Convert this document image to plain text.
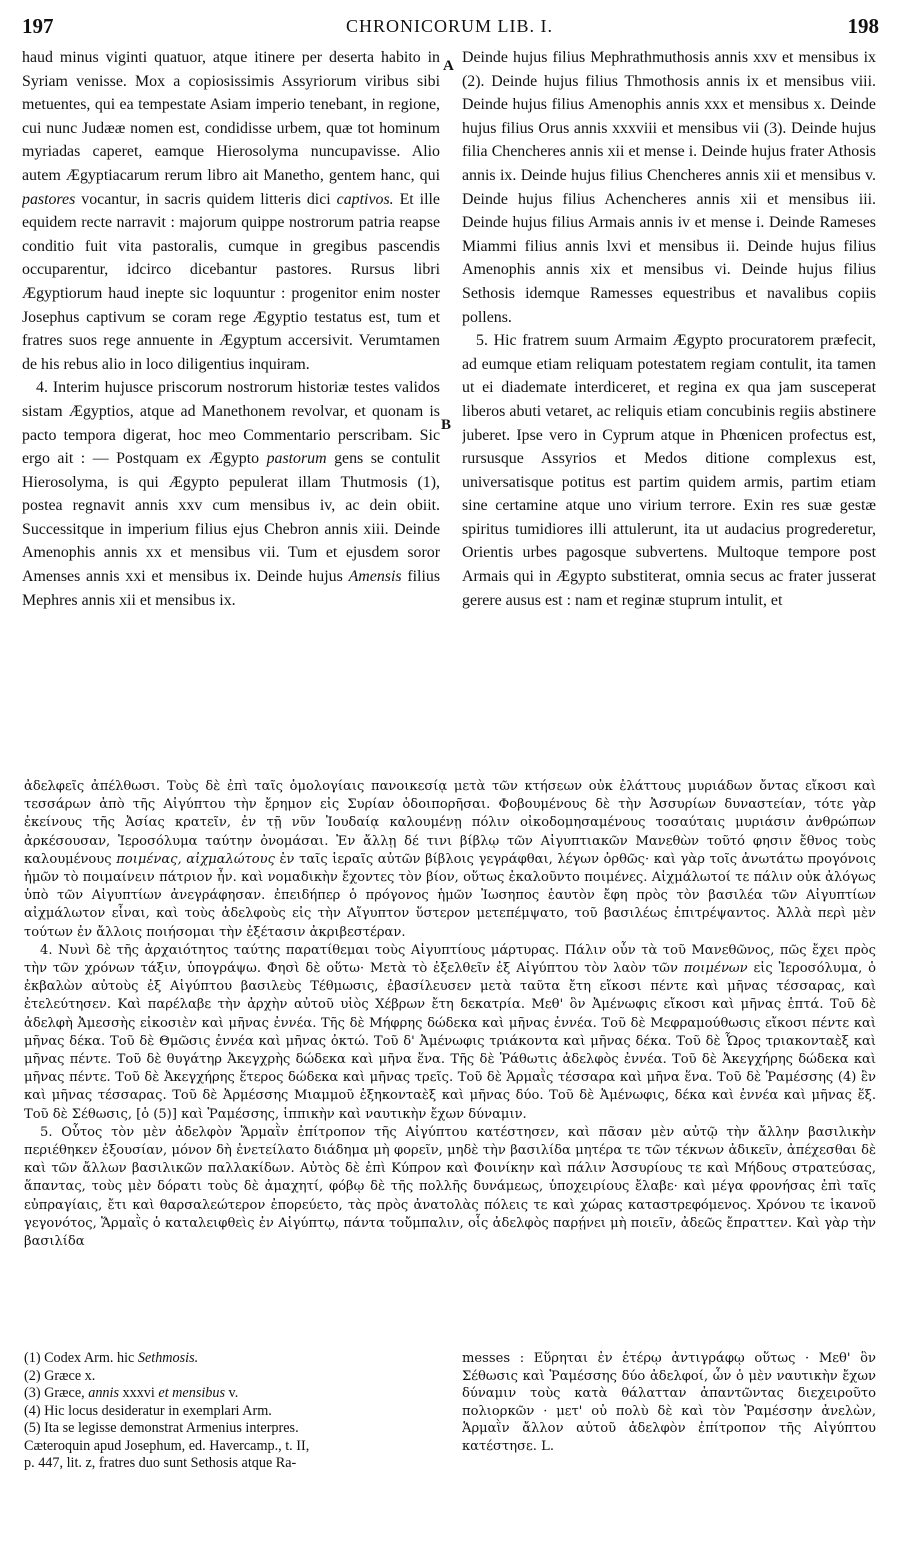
197	CHRONICORUM LIB. I.	198
A
B

haud minus viginti quatuor, atque itinere per deserta habito in Syriam venisse. Mox a copiosissimis Assyriorum viribus sibi metuentes, qui ea tempestate Asiam imperio tenebant, in regione, cui nunc Judææ nomen est, condidisse urbem, quæ tot hominum myriadas caperet, eamque Hierosolyma nuncupavisse. Alio autem Ægyptiacarum rerum libro ait Manetho, gentem hanc, qui pastores vocantur, in sacris quidem litteris dici captivos. Et ille equidem recte narravit : majorum quippe nostrorum patria reapse conditio fuit vita pastoralis, cumque in gregibus pascendis occuparentur, idcirco dicebantur pastores. Rursus libri Ægyptiorum haud inepte sic loquuntur : progenitor enim noster Josephus captivum se coram rege Ægyptio testatus est, tum et fratres suos rege annuente in Ægyptum accersivit. Verumtamen de his rebus alio in loco diligentius inquiram.

4. Interim hujusce priscorum nostrorum historiæ testes validos sistam Ægyptios, atque ad Manethonem revolvar, et quonam is pacto tempora digerat, hoc meo Commentario perscribam. Sic ergo ait : — Postquam ex Ægypto pastorum gens se contulit Hierosolyma, is qui Ægypto pepulerat illam Thutmosis (1), postea regnavit annis xxv cum mensibus iv, ac dein obiit. Successitque in imperium filius ejus Chebron annis xiii. Deinde Amenophis annis xx et mensibus vii. Tum et ejusdem soror Amenses annis xxi et mensibus ix. Deinde hujus Amensis filius Mephres annis xii et mensibus ix.

Deinde hujus filius Mephrathmuthosis annis xxv et mensibus ix (2). Deinde hujus filius Thmothosis annis ix et mensibus viii. Deinde hujus filius Amenophis annis xxx et mensibus x. Deinde hujus filius Orus annis xxxviii et mensibus vii (3). Deinde hujus filia Chencheres annis xii et mense i. Deinde hujus frater Athosis annis ix. Deinde hujus filius Chencheres annis xii et mensibus v. Deinde hujus filius Achencheres annis xii et mensibus iii. Deinde hujus filius Armais annis iv et mense i. Deinde Rameses Miammi filius annis lxvi et mensibus ii. Deinde hujus filius Amenophis annis xix et mensibus vi. Deinde hujus filius Sethosis idemque Ramesses equestribus et navalibus copiis pollens.

5. Hic fratrem suum Armaim Ægypto procuratorem præfecit, ad eumque etiam reliquam potestatem regiam contulit, ita tamen ut ei diademate interdiceret, et regina ex qua jam susceperat liberos abuti vetaret, ac reliquis etiam concubinis regiis abstinere juberet. Ipse vero in Cyprum atque in Phœnicen profectus est, rursusque Assyrios et Medos ditione complexus est, universatisque potitus est partim quidem armis, partim etiam sine certamine atque uno virium terrore. Exin res suæ gestæ spiritus tumidiores illi attulerunt, ita ut audacius progrederetur, Orientis urbes pagosque subvertens. Multoque tempore post Armais qui in Ægypto substiterat, omnia secus ac frater jusserat gerere ausus est : nam et reginæ stuprum intulit, et

ἀδελφεῖς ἀπέλθωσι. Τοὺς δὲ ἐπὶ ταῖς ὁμολογίαις πανοικεσίᾳ μετὰ τῶν κτήσεων οὐκ ἐλάττους μυριάδων ὄντας εἴκοσι καὶ τεσσάρων ἀπὸ τῆς Αἰγύπτου τὴν ἔρημον εἰς Συρίαν ὁδοιπορῆσαι. Φοβουμένους δὲ τὴν Ἀσσυρίων δυναστείαν, τότε γὰρ ἐκείνους τῆς Ἀσίας κρατεῖν, ἐν τῇ νῦν Ἰουδαίᾳ καλουμένῃ πόλιν οἰκοδομησαμένους τοσαύταις μυριάσιν ἀνθρώπων ἀρκέσουσαν, Ἱεροσόλυμα ταύτην ὀνομάσαι. Ἐν ἄλλῃ δέ τινι βίβλῳ τῶν Αἰγυπτιακῶν Μανεθὼν τοῦτό φησιν ἔθνος τοὺς καλουμένους ποιμένας, αἰχμαλώτους ἐν ταῖς ἱεραῖς αὐτῶν βίβλοις γεγράφθαι, λέγων ὀρθῶς· καὶ γὰρ τοῖς ἀνωτάτω προγόνοις ἡμῶν τὸ ποιμαίνειν πάτριον ἦν. καὶ νομαδικὴν ἔχοντες τὸν βίον, οὕτως ἐκαλοῦντο ποιμένες. Αἰχμάλωτοί τε πάλιν οὐκ ἀλόγως ὑπὸ τῶν Αἰγυπτίων ἀνεγράφησαν. ἐπειδήπερ ὁ πρόγονος ἡμῶν Ἰωσηπος ἑαυτὸν ἔφη πρὸς τὸν βασιλέα τῶν Αἰγυπτίων αἰχμάλωτον εἶναι, καὶ τοὺς ἀδελφοὺς εἰς τὴν Αἴγυπτον ὕστερον μετεπέμψατο, τοῦ βασιλέως ἐπιτρέψαντος. Ἀλλὰ περὶ μὲν τούτων ἐν ἄλλοις ποιήσομαι τὴν ἐξέτασιν ἀκριβεστέραν.

4. Νυνὶ δὲ τῆς ἀρχαιότητος ταύτης παρατίθεμαι τοὺς Αἰγυπτίους μάρτυρας. Πάλιν οὖν τὰ τοῦ Μανεθῶνος, πῶς ἔχει πρὸς τὴν τῶν χρόνων τάξιν, ὑπογράψω. Φησὶ δὲ οὕτω· Μετὰ τὸ ἐξελθεῖν ἐξ Αἰγύπτου τὸν λαὸν τῶν ποιμένων εἰς Ἱεροσόλυμα, ὁ ἐκβαλὼν αὐτοὺς ἐξ Αἰγύπτου βασιλεὺς Τέθμωσις, ἐβασίλευσεν μετὰ ταῦτα ἔτη εἴκοσι πέντε καὶ μῆνας τέσσαρας, καὶ ἐτελεύτησεν. Καὶ παρέλαβε τὴν ἀρχὴν αὐτοῦ υἱὸς Χέβρων ἔτη δεκατρία. Μεθ' ὃν Ἀμένωφις εἴκοσι καὶ μῆνας ἑπτά. Τοῦ δὲ ἀδελφὴ Ἀμεσσὴς εἰκοσιὲν καὶ μῆνας ἐννέα. Τῆς δὲ Μήφρης δώδεκα καὶ μῆνας ἐννέα. Τοῦ δὲ Μεφραμούθωσις εἴκοσι πέντε καὶ μῆνας δέκα. Τοῦ δὲ Θμῶσις ἐννέα καὶ μῆνας ὀκτώ. Τοῦ δ' Ἀμένωφις τριάκοντα καὶ μῆνας δέκα. Τοῦ δὲ Ὧρος τριακονταὲξ καὶ μῆνας πέντε. Τοῦ δὲ θυγάτηρ Ἀκεγχρὴς δώδεκα καὶ μῆνα ἕνα. Τῆς δὲ Ῥάθωτις ἀδελφὸς ἐννέα. Τοῦ δὲ Ἀκεγχήρης δώδεκα καὶ μῆνας πέντε. Τοῦ δὲ Ἀκεγχήρης ἕτερος δώδεκα καὶ μῆνας τρεῖς. Τοῦ δὲ Ἁρμαῒς τέσσαρα καὶ μῆνα ἕνα. Τοῦ δὲ Ῥαμέσσης (4) ἓν καὶ μῆνας τέσσαρας. Τοῦ δὲ Ἀρμέσσης Μιαμμοῦ ἑξηκονταὲξ καὶ μῆνας δύο. Τοῦ δὲ Ἀμένωφις, δέκα καὶ ἐννέα καὶ μῆνας ἕξ. Τοῦ δὲ Σέθωσις, [ὁ (5)] καὶ Ῥαμέσσης, ἱππικὴν καὶ ναυτικὴν ἔχων δύναμιν.

5. Οὗτος τὸν μὲν ἀδελφὸν Ἅρμαῒν ἐπίτροπον τῆς Αἰγύπτου κατέστησεν, καὶ πᾶσαν μὲν αὐτῷ τὴν ἄλλην βασιλικὴν περιέθηκεν ἐξουσίαν, μόνον δὴ ἐνετείλατο διάδημα μὴ φορεῖν, μηδὲ τὴν βασιλίδα μητέρα τε τῶν τέκνων ἀδικεῖν, ἀπέχεσθαι δὲ καὶ τῶν ἄλλων βασιλικῶν παλλακίδων. Αὐτὸς δὲ ἐπὶ Κύπρον καὶ Φοινίκην καὶ πάλιν Ἀσσυρίους τε καὶ Μήδους στρατεύσας, ἅπαντας, τοὺς μὲν δόρατι τοὺς δὲ ἀμαχητί, φόβῳ δὲ τῆς πολλῆς δυνάμεως, ὑποχειρίους ἔλαβε· καὶ μέγα φρονήσας ἐπὶ ταῖς εὐπραγίαις, ἔτι καὶ θαρσαλεώτερον ἐπορεύετο, τὰς πρὸς ἀνατολὰς πόλεις τε καὶ χώρας καταστρεφόμενος. Χρόνου τε ἱκανοῦ γεγονότος, Ἅρμαῒς ὁ καταλειφθεὶς ἐν Αἰγύπτῳ, πάντα τοὔμπαλιν, οἷς ἀδελφὸς παρῄνει μὴ ποιεῖν, ἀδεῶς ἔπραττεν. Καὶ γὰρ τὴν βασιλίδα

(1) Codex Arm. hic Sethmosis.
(2) Græce x.
(3) Græce, annis xxxvi et mensibus v.
(4) Hic locus desideratur in exemplari Arm.
(5) Ita se legisse demonstrat Armenius interpres.
Cæteroquin apud Josephum, ed. Havercamp., t. II,
p. 447, lit. z, fratres duo sunt Sethosis atque Ra-
messes : Εὕρηται ἐν ἑτέρῳ ἀντιγράφῳ οὕτως · Μεθ' ὃν Σέθωσις καὶ Ῥαμέσσης δύο ἀδελφοί, ὧν ὁ μὲν ναυτικὴν ἔχων δύναμιν τοὺς κατὰ θάλατταν ἀπαντῶντας διεχειροῦτο πολιορκῶν · μετ' οὐ πολὺ δὲ καὶ τὸν Ῥαμέσσην ἀνελὼν, Ἁρμαῒν ἄλλον αὐτοῦ ἀδελφὸν ἐπίτροπον τῆς Αἰγύπτου κατέστησε. L.
